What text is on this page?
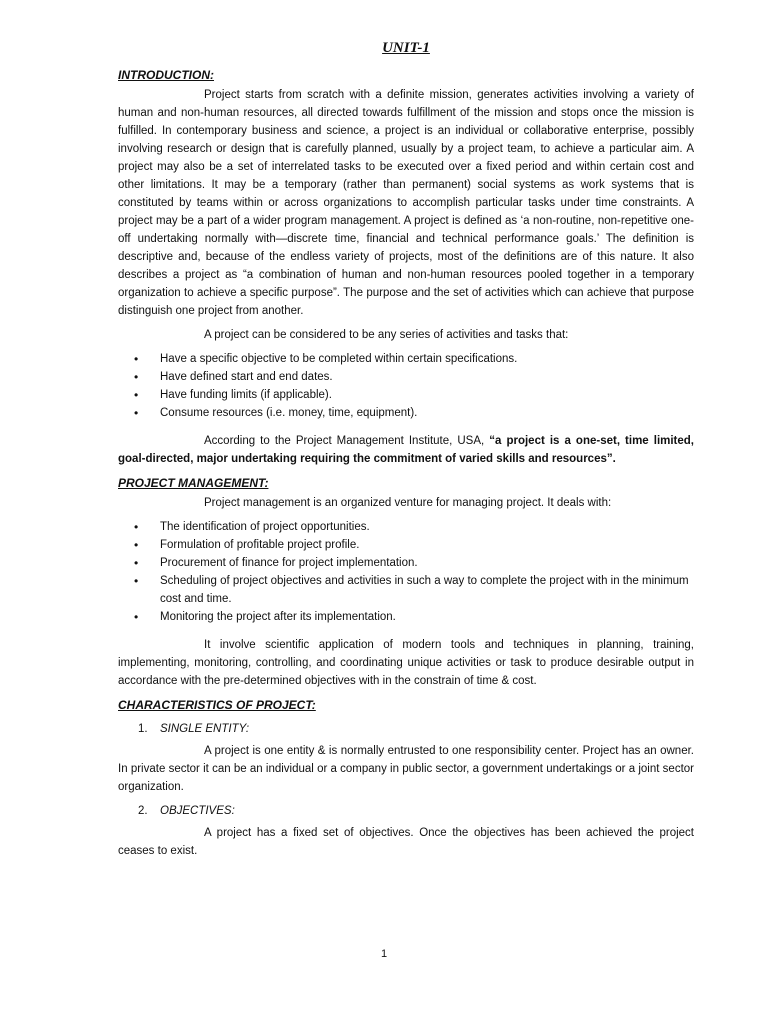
UNIT-1
INTRODUCTION:

Project starts from scratch with a definite mission, generates activities involving a variety of human and non-human resources, all directed towards fulfillment of the mission and stops once the mission is fulfilled. In contemporary business and science, a project is an individual or collaborative enterprise, possibly involving research or design that is carefully planned, usually by a project team, to achieve a particular aim. A project may also be a set of interrelated tasks to be executed over a fixed period and within certain cost and other limitations. It may be a temporary (rather than permanent) social systems as work systems that is constituted by teams within or across organizations to accomplish particular tasks under time constraints. A project may be a part of a wider program management. A project is defined as ‘a non-routine, non-repetitive one-off undertaking normally with—discrete time, financial and technical performance goals.’ The definition is descriptive and, because of the endless variety of projects, most of the definitions are of this nature. It also describes a project as “a combination of human and non-human resources pooled together in a temporary organization to achieve a specific purpose”. The purpose and the set of activities which can achieve that purpose distinguish one project from another.

A project can be considered to be any series of activities and tasks that:

• Have a specific objective to be completed within certain specifications.
• Have defined start and end dates.
• Have funding limits (if applicable).
• Consume resources (i.e. money, time, equipment).

According to the Project Management Institute, USA, “a project is a one-set, time limited, goal-directed, major undertaking requiring the commitment of varied skills and resources”.

PROJECT MANAGEMENT:

Project management is an organized venture for managing project. It deals with:

• The identification of project opportunities.
• Formulation of profitable project profile.
• Procurement of finance for project implementation.
• Scheduling of project objectives and activities in such a way to complete the project with in the minimum cost and time.
• Monitoring the project after its implementation.

It involve scientific application of modern tools and techniques in planning, training, implementing, monitoring, controlling, and coordinating unique activities or task to produce desirable output in accordance with the pre-determined objectives with in the constrain of time & cost.

CHARACTERISTICS OF PROJECT:
1. SINGLE ENTITY:

A project is one entity & is normally entrusted to one responsibility center. Project has an owner. In private sector it can be an individual or a company in public sector, a government undertakings or a joint sector organization.

2. OBJECTIVES:

A project has a fixed set of objectives. Once the objectives has been achieved the project ceases to exist.

1
